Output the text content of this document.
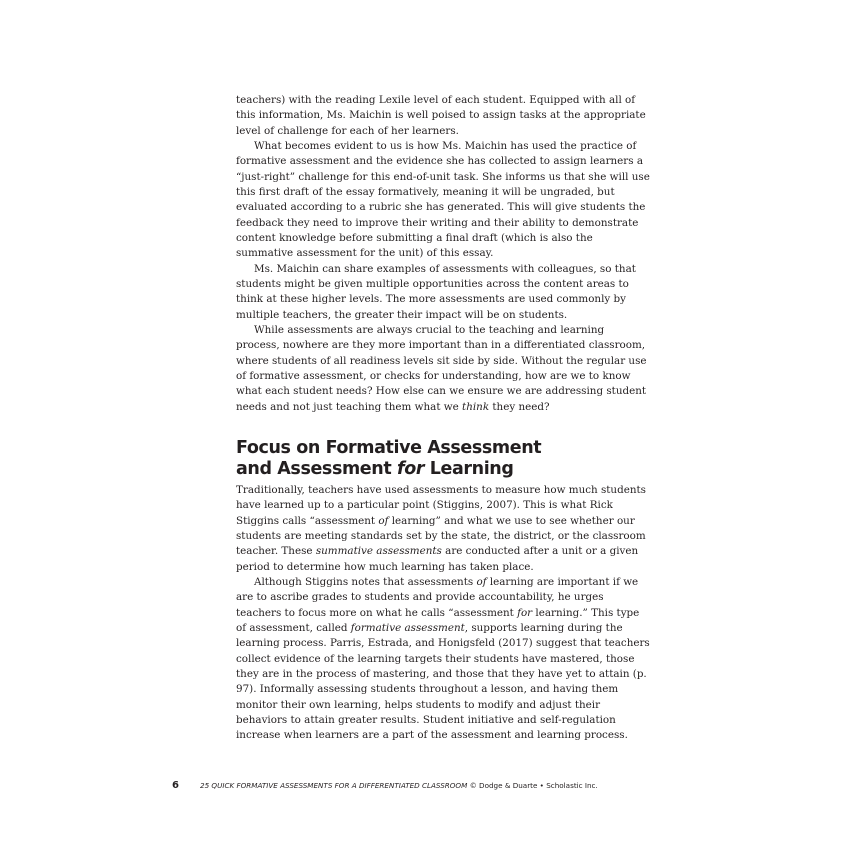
teachers) with the reading Lexile level of each student. Equipped with all of this information, Ms. Maichin is well poised to assign tasks at the appropriate level of challenge for each of her learners.

What becomes evident to us is how Ms. Maichin has used the practice of formative assessment and the evidence she has collected to assign learners a “just-right” challenge for this end-of-unit task. She informs us that she will use this first draft of the essay formatively, meaning it will be ungraded, but evaluated according to a rubric she has generated. This will give students the feedback they need to improve their writing and their ability to demonstrate content knowledge before submitting a final draft (which is also the summative assessment for the unit) of this essay.

Ms. Maichin can share examples of assessments with colleagues, so that students might be given multiple opportunities across the content areas to think at these higher levels. The more assessments are used commonly by multiple teachers, the greater their impact will be on students.

While assessments are always crucial to the teaching and learning process, nowhere are they more important than in a differentiated classroom, where students of all readiness levels sit side by side. Without the regular use of formative assessment, or checks for understanding, how are we to know what each student needs? How else can we ensure we are addressing student needs and not just teaching them what we think they need?

Focus on Formative Assessment
and Assessment for Learning

Traditionally, teachers have used assessments to measure how much students have learned up to a particular point (Stiggins, 2007). This is what Rick Stiggins calls “assessment of learning” and what we use to see whether our students are meeting standards set by the state, the district, or the classroom teacher. These summative assessments are conducted after a unit or a given period to determine how much learning has taken place.

Although Stiggins notes that assessments of learning are important if we are to ascribe grades to students and provide accountability, he urges teachers to focus more on what he calls “assessment for learning.” This type of assessment, called formative assessment, supports learning during the learning process. Parris, Estrada, and Honigsfeld (2017) suggest that teachers collect evidence of the learning targets their students have mastered, those they are in the process of mastering, and those that they have yet to attain (p. 97). Informally assessing students throughout a lesson, and having them monitor their own learning, helps students to modify and adjust their behaviors to attain greater results. Student initiative and self-regulation increase when learners are a part of the assessment and learning process.

6	25 QUICK FORMATIVE ASSESSMENTS FOR A DIFFERENTIATED CLASSROOM © Dodge & Duarte • Scholastic Inc.
